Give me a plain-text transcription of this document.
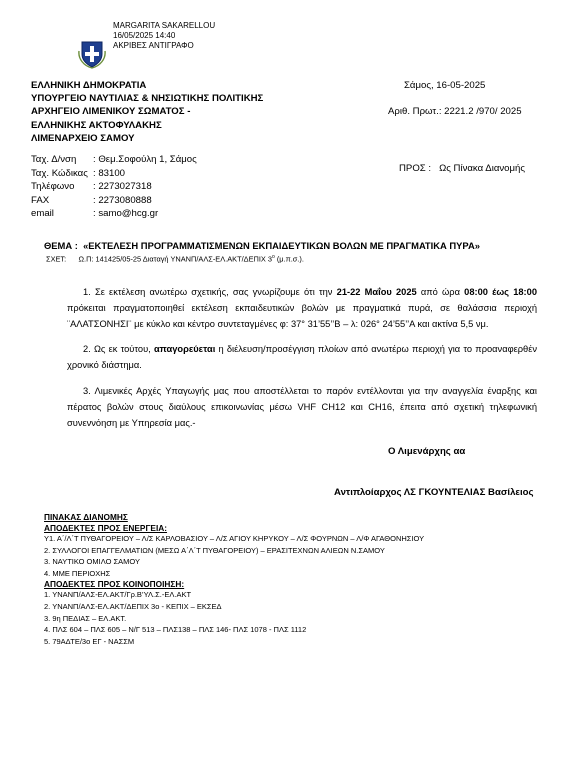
MARGARITA SAKARELLOU
16/05/2025 14:40
ΑΚΡΙΒΕΣ ΑΝΤΙΓΡΑΦΟ
ΕΛΛΗΝΙΚΗ ΔΗΜΟΚΡΑΤΙΑ
ΥΠΟΥΡΓΕΙΟ ΝΑΥΤΙΛΙΑΣ & ΝΗΣΙΩΤΙΚΗΣ ΠΟΛΙΤΙΚΗΣ
ΑΡΧΗΓΕΙΟ ΛΙΜΕΝΙΚΟΥ ΣΩΜΑΤΟΣ -
ΕΛΛΗΝΙΚΗΣ ΑΚΤΟΦΥΛΑΚΗΣ
ΛΙΜΕΝΑΡΧΕΙΟ ΣΑΜΟΥ
Σάμος, 16-05-2025
Αριθ. Πρωτ.: 2221.2 /970/ 2025
Ταχ. Δ/νση : Θεμ.Σοφούλη 1, Σάμος
Ταχ. Κώδικας : 83100
Τηλέφωνο : 2273027318
FAX	: 2273080888
email	: samo@hcg.gr
ΠΡΟΣ : Ως Πίνακα Διανομής
ΘΕΜΑ : «ΕΚΤΕΛΕΣΗ ΠΡΟΓΡΑΜΜΑΤΙΣΜΕΝΩΝ ΕΚΠΑΙΔΕΥΤΙΚΩΝ ΒΟΛΩΝ ΜΕ ΠΡΑΓΜΑΤΙΚΑ ΠΥΡΑ»
ΣΧΕΤ: Ω.Π: 141425/05-25 Διαταγή ΥΝΑΝΠ/ΑΛΣ-ΕΛ.ΑΚΤ/ΔΕΠΙΧ $3^o$ (μ.π.σ.).
1. Σε εκτέλεση ανωτέρω σχετικής, σας γνωρίζουμε ότι την 21-22 Μαΐου 2025 από ώρα 08:00 έως 18:00 πρόκειται πραγματοποιηθεί εκτέλεση εκπαιδευτικών βολών με πραγματικά πυρά, σε θαλάσσια περιοχή ¨ΑΛΑΤΣΟΝΗΣΙ¨ με κύκλο και κέντρο συντεταγμένες φ: 37° 31’55’’Β – λ: 026° 24’55’’Α και ακτίνα 5,5 νμ.
2. Ως εκ τούτου, απαγορεύεται η διέλευση/προσέγγιση πλοίων από ανωτέρω περιοχή για το προαναφερθέν χρονικό διάστημα.
3. Λιμενικές Αρχές Υπαγωγής μας που αποστέλλεται το παρόν εντέλλονται για την αναγγελία έναρξης και πέρατος βολών στους διαύλους επικοινωνίας μέσω VHF CH12 και CH16, έπειτα από σχετική τηλεφωνική συνεννόηση με Υπηρεσία μας.-
Ο Λιμενάρχης αα
Αντιπλοίαρχος ΛΣ ΓΚΟΥΝΤΕΛΙΑΣ Βασίλειος
ΠΙΝΑΚΑΣ ΔΙΑΝΟΜΗΣ
ΑΠΟΔΕΚΤΕΣ ΠΡΟΣ ΕΝΕΡΓΕΙΑ:
Υ1. Α΄/Λ΄Τ ΠΥΘΑΓΟΡΕΙΟΥ – Λ/Σ ΚΑΡΛΟΒΑΣΙΟΥ – Λ/Σ ΑΓΙΟΥ ΚΗΡΥΚΟΥ – Λ/Σ ΦΟΥΡΝΩΝ – Λ/Φ ΑΓΑΘΟΝΗΣΙΟΥ
2. ΣΥΛΛΟΓΟΙ ΕΠΑΓΓΕΛΜΑΤΙΩΝ (ΜΕΣΩ Α΄Λ΄Τ ΠΥΘΑΓΟΡΕΙΟΥ) – ΕΡΑΣΙΤΕΧΝΩΝ ΑΛΙΕΩΝ Ν.ΣΑΜΟΥ
3. ΝΑΥΤΙΚΟ ΟΜΙΛΟ ΣΑΜΟΥ
4. ΜΜΕ ΠΕΡΙΟΧΗΣ
ΑΠΟΔΕΚΤΕΣ ΠΡΟΣ ΚΟΙΝΟΠΟΙΗΣΗ:
1. ΥΝΑΝΠ/ΑΛΣ-ΕΛ.ΑΚΤ/Γρ.Β’ΥΛ.Σ.-ΕΛ.ΑΚΤ
2. ΥΝΑΝΠ/ΑΛΣ-ΕΛ.ΑΚΤ/ΔΕΠΙΧ 3ο - ΚΕΠΙΧ – ΕΚΣΕΔ
3. 9η ΠΕΔΙΑΣ – ΕΛ.ΑΚΤ.
4. ΠΛΣ 604 – ΠΛΣ 605 – Ν/Γ 513 – ΠΛΣ138 – ΠΛΣ 146- ΠΛΣ 1078 - ΠΛΣ 1112
5. 79ΑΔΤΕ/3ο ΕΓ - ΝΑΣΣΜ
